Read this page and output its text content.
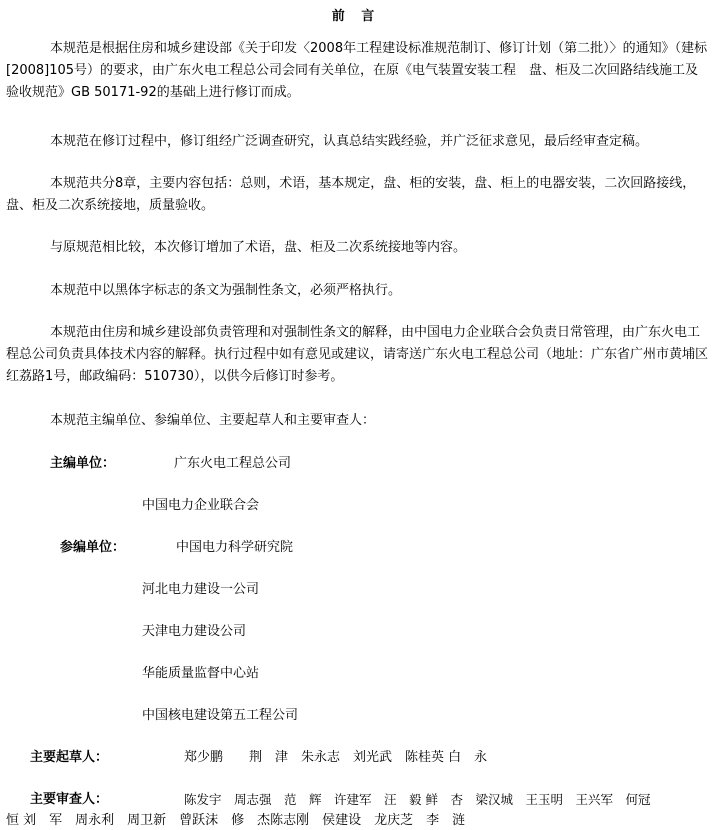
前 言

本规范是根据住房和城乡建设部《关于印发〈2008年工程建设标准规范制订、修订计划（第二批）〉的通知》（建标[2008]105号）的要求，由广东火电工程总公司会同有关单位，在原《电气装置安装工程　盘、柜及二次回路结线施工及验收规范》GB 50171-92的基础上进行修订而成。

本规范在修订过程中，修订组经广泛调查研究，认真总结实践经验，并广泛征求意见，最后经审查定稿。

本规范共分8章，主要内容包括：总则，术语，基本规定，盘、柜的安装，盘、柜上的电器安装，二次回路接线，盘、柜及二次系统接地，质量验收。

与原规范相比较，本次修订增加了术语，盘、柜及二次系统接地等内容。

本规范中以黑体字标志的条文为强制性条文，必须严格执行。

本规范由住房和城乡建设部负责管理和对强制性条文的解释，由中国电力企业联合会负责日常管理，由广东火电工程总公司负责具体技术内容的解释。执行过程中如有意见或建议，请寄送广东火电工程总公司（地址：广东省广州市黄埔区红荔路1号，邮政编码：510730），以供今后修订时参考。

本规范主编单位、参编单位、主要起草人和主要审查人：

主编单位：	广东火电工程总公司
中国电力企业联合会
参编单位：	中国电力科学研究院
河北电力建设一公司
天津电力建设公司
华能质量监督中心站
中国核电建设第五工程公司
主要起草人：	郑少鹏　　荆　津　朱永志　刘光武　陈桂英 白　永
主要审查人：	陈发宇　周志强　范　辉　许建军　汪　毅 鲜　杏　梁汉城　王玉明　王兴军　何冠
恒 刘　军　周永利　周卫新　曾跃沫　修　杰陈志刚　侯建设　龙庆芝　李　涟
